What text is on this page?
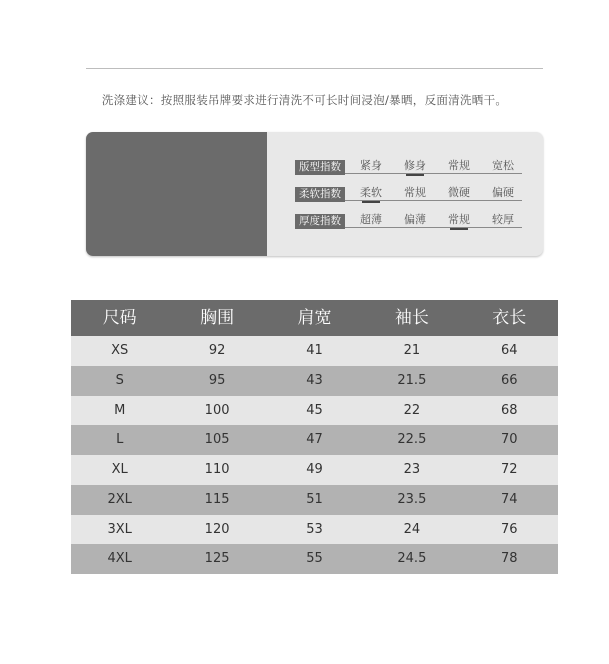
洗涤建议：按照服装吊牌要求进行清洗不可长时间浸泡/暴晒，反面清洗晒干。
版型指数	紧身	修身	常规	宽松
柔软指数	柔软	常规	微硬	偏硬
厚度指数	超薄	偏薄	常规	较厚
尺码	胸围	肩宽	袖长	衣长
XS	92	41	21	64
S	95	43	21.5	66
M	100	45	22	68
L	105	47	22.5	70
XL	110	49	23	72
2XL	115	51	23.5	74
3XL	120	53	24	76
4XL	125	55	24.5	78
